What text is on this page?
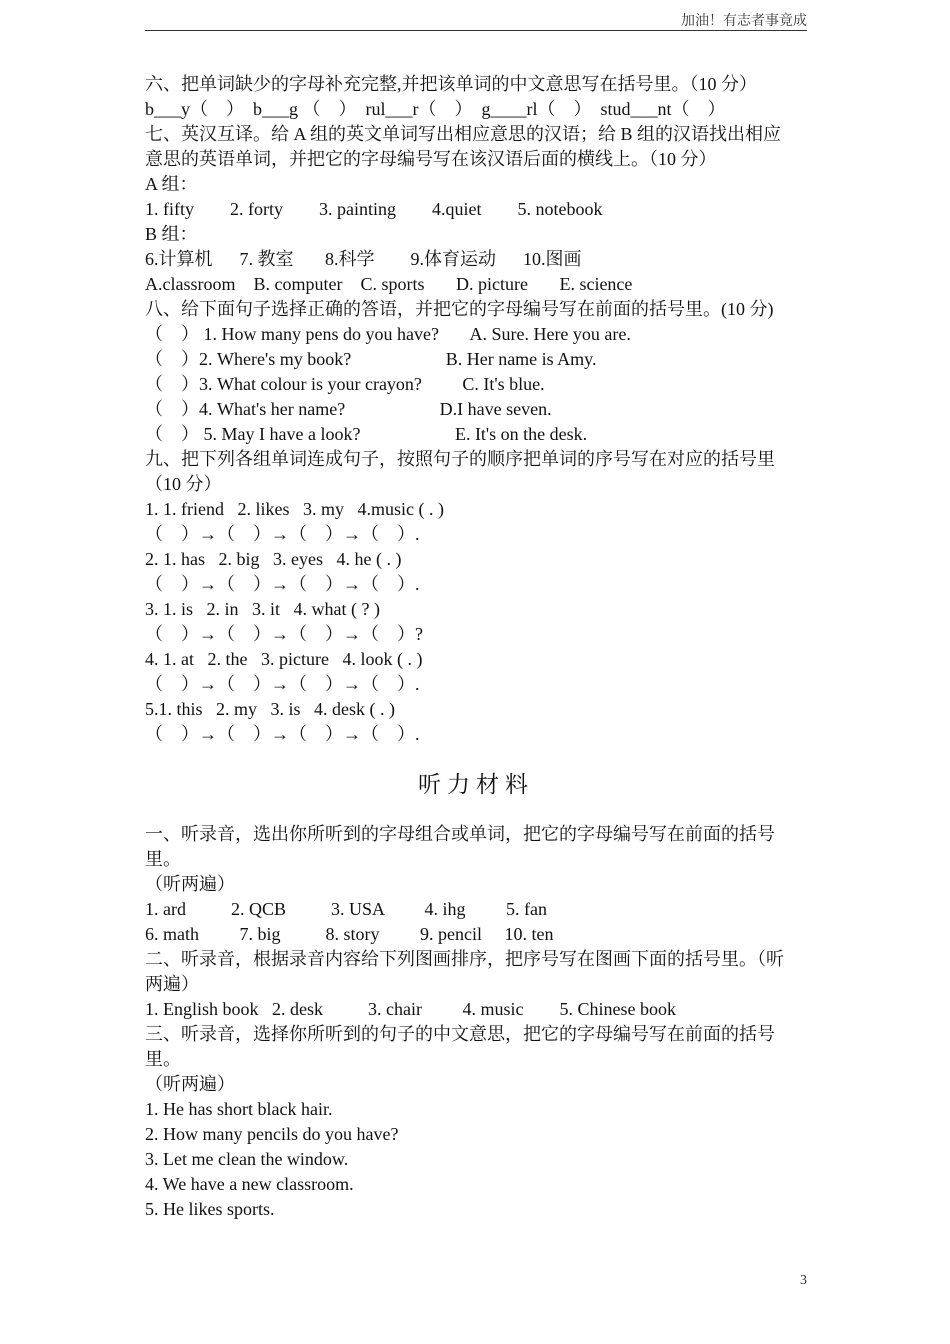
加油！有志者事竟成
六、把单词缺少的字母补充完整,并把该单词的中文意思写在括号里。（10 分）
b___y（    ）  b___g （    ）  rul___r（    ）  g____rl（    ）  stud___nt（    ）
七、英汉互译。给 A 组的英文单词写出相应意思的汉语；给 B 组的汉语找出相应
意思的英语单词，并把它的字母编号写在该汉语后面的横线上。（10 分）
A 组：
1. fifty        2. forty        3. painting        4.quiet        5. notebook
B 组：
6.计算机      7. 教室       8.科学        9.体育运动      10.图画
A.classroom    B. computer    C. sports       D. picture       E. science
八、给下面句子选择正确的答语，并把它的字母编号写在前面的括号里。(10 分)
（    ） 1. How many pens do you have?       A. Sure. Here you are.
（    ）2. Where's my book?                     B. Her name is Amy.
（    ）3. What colour is your crayon?         C. It's blue.
（    ）4. What's her name?                     D.I have seven.
（    ） 5. May I have a look?                     E. It's on the desk.
九、把下列各组单词连成句子，按照句子的顺序把单词的序号写在对应的括号里
（10 分）
1. 1. friend   2. likes   3. my   4.music ( . )
（    ）→（    ）→（    ）→（    ）.
2. 1. has   2. big   3. eyes   4. he ( . )
（    ）→（    ）→（    ）→（    ）.
3. 1. is   2. in   3. it   4. what ( ? )
（    ）→（    ）→（    ）→（    ）?
4. 1. at   2. the   3. picture   4. look ( . )
（    ）→（    ）→（    ）→（    ）.
5.1. this   2. my   3. is   4. desk ( . )
（    ）→（    ）→（    ）→（    ）.
听力材料
一、听录音，选出你所听到的字母组合或单词，把它的字母编号写在前面的括号
里。
（听两遍）
1. ard          2. QCB          3. USA         4. ihg         5. fan
6. math         7. big          8. story         9. pencil     10. ten
二、听录音，根据录音内容给下列图画排序，把序号写在图画下面的括号里。（听
两遍）
1. English book   2. desk          3. chair         4. music        5. Chinese book
三、听录音，选择你所听到的句子的中文意思，把它的字母编号写在前面的括号
里。
（听两遍）
1. He has short black hair.
2. How many pencils do you have?
3. Let me clean the window.
4. We have a new classroom.
5. He likes sports.
3
